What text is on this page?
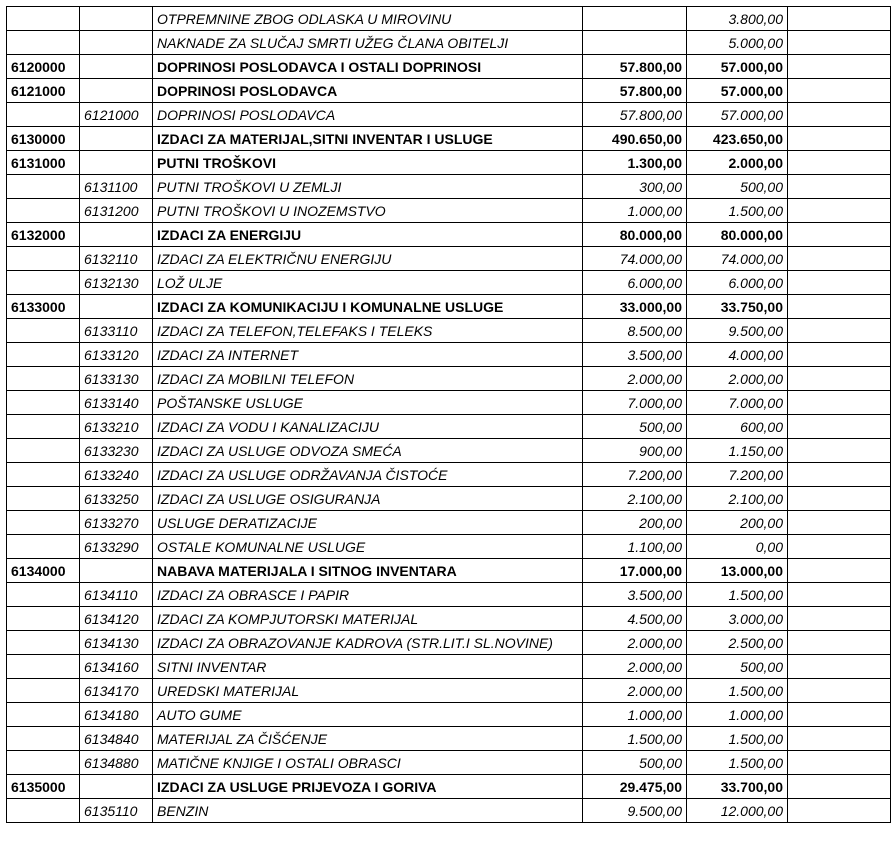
		OTPREMNINE ZBOG ODLASKA U MIROVINU		3.800,00	
		NAKNADE ZA SLUČAJ SMRTI UŽEG ČLANA OBITELJI		5.000,00	
6120000		DOPRINOSI POSLODAVCA I OSTALI DOPRINOSI	57.800,00	57.000,00	
6121000		DOPRINOSI POSLODAVCA	57.800,00	57.000,00	
	6121000	DOPRINOSI POSLODAVCA	57.800,00	57.000,00	
6130000		IZDACI ZA MATERIJAL,SITNI INVENTAR I USLUGE	490.650,00	423.650,00	
6131000		PUTNI TROŠKOVI	1.300,00	2.000,00	
	6131100	PUTNI TROŠKOVI U ZEMLJI	300,00	500,00	
	6131200	PUTNI TROŠKOVI U INOZEMSTVO	1.000,00	1.500,00	
6132000		IZDACI ZA ENERGIJU	80.000,00	80.000,00	
	6132110	IZDACI ZA ELEKTRIČNU ENERGIJU	74.000,00	74.000,00	
	6132130	LOŽ ULJE	6.000,00	6.000,00	
6133000		IZDACI ZA KOMUNIKACIJU I KOMUNALNE USLUGE	33.000,00	33.750,00	
	6133110	IZDACI ZA TELEFON,TELEFAKS I TELEKS	8.500,00	9.500,00	
	6133120	IZDACI ZA INTERNET	3.500,00	4.000,00	
	6133130	IZDACI ZA MOBILNI TELEFON	2.000,00	2.000,00	
	6133140	POŠTANSKE USLUGE	7.000,00	7.000,00	
	6133210	IZDACI ZA VODU I KANALIZACIJU	500,00	600,00	
	6133230	IZDACI ZA USLUGE ODVOZA SMEĆA	900,00	1.150,00	
	6133240	IZDACI ZA USLUGE ODRŽAVANJA ČISTOĆE	7.200,00	7.200,00	
	6133250	IZDACI ZA USLUGE OSIGURANJA	2.100,00	2.100,00	
	6133270	USLUGE DERATIZACIJE	200,00	200,00	
	6133290	OSTALE KOMUNALNE USLUGE	1.100,00	0,00	
6134000		NABAVA MATERIJALA I SITNOG INVENTARA	17.000,00	13.000,00	
	6134110	IZDACI ZA OBRASCE I PAPIR	3.500,00	1.500,00	
	6134120	IZDACI ZA KOMPJUTORSKI MATERIJAL	4.500,00	3.000,00	
	6134130	IZDACI ZA OBRAZOVANJE KADROVA (STR.LIT.I SL.NOVINE)	2.000,00	2.500,00	
	6134160	SITNI INVENTAR	2.000,00	500,00	
	6134170	UREDSKI MATERIJAL	2.000,00	1.500,00	
	6134180	AUTO GUME	1.000,00	1.000,00	
	6134840	MATERIJAL ZA ČIŠĆENJE	1.500,00	1.500,00	
	6134880	MATIČNE KNJIGE I OSTALI OBRASCI	500,00	1.500,00	
6135000		IZDACI ZA USLUGE PRIJEVOZA I GORIVA	29.475,00	33.700,00	
	6135110	BENZIN	9.500,00	12.000,00	
